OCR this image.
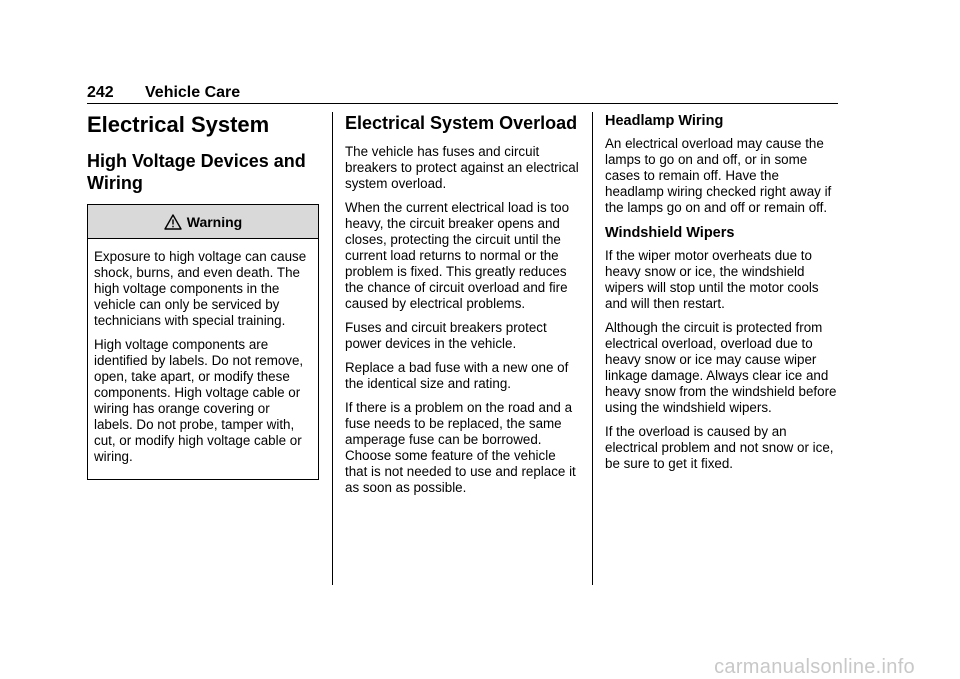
242 Vehicle Care
Electrical System
High Voltage Devices and Wiring
Warning

Exposure to high voltage can cause shock, burns, and even death. The high voltage components in the vehicle can only be serviced by technicians with special training.

High voltage components are identified by labels. Do not remove, open, take apart, or modify these components. High voltage cable or wiring has orange covering or labels. Do not probe, tamper with, cut, or modify high voltage cable or wiring.

Electrical System Overload

The vehicle has fuses and circuit breakers to protect against an electrical system overload.

When the current electrical load is too heavy, the circuit breaker opens and closes, protecting the circuit until the current load returns to normal or the problem is fixed. This greatly reduces the chance of circuit overload and fire caused by electrical problems.

Fuses and circuit breakers protect power devices in the vehicle.

Replace a bad fuse with a new one of the identical size and rating.

If there is a problem on the road and a fuse needs to be replaced, the same amperage fuse can be borrowed. Choose some feature of the vehicle that is not needed to use and replace it as soon as possible.

Headlamp Wiring

An electrical overload may cause the lamps to go on and off, or in some cases to remain off. Have the headlamp wiring checked right away if the lamps go on and off or remain off.

Windshield Wipers

If the wiper motor overheats due to heavy snow or ice, the windshield wipers will stop until the motor cools and will then restart.

Although the circuit is protected from electrical overload, overload due to heavy snow or ice may cause wiper linkage damage. Always clear ice and heavy snow from the windshield before using the windshield wipers.

If the overload is caused by an electrical problem and not snow or ice, be sure to get it fixed.

carmanualsonline.info
